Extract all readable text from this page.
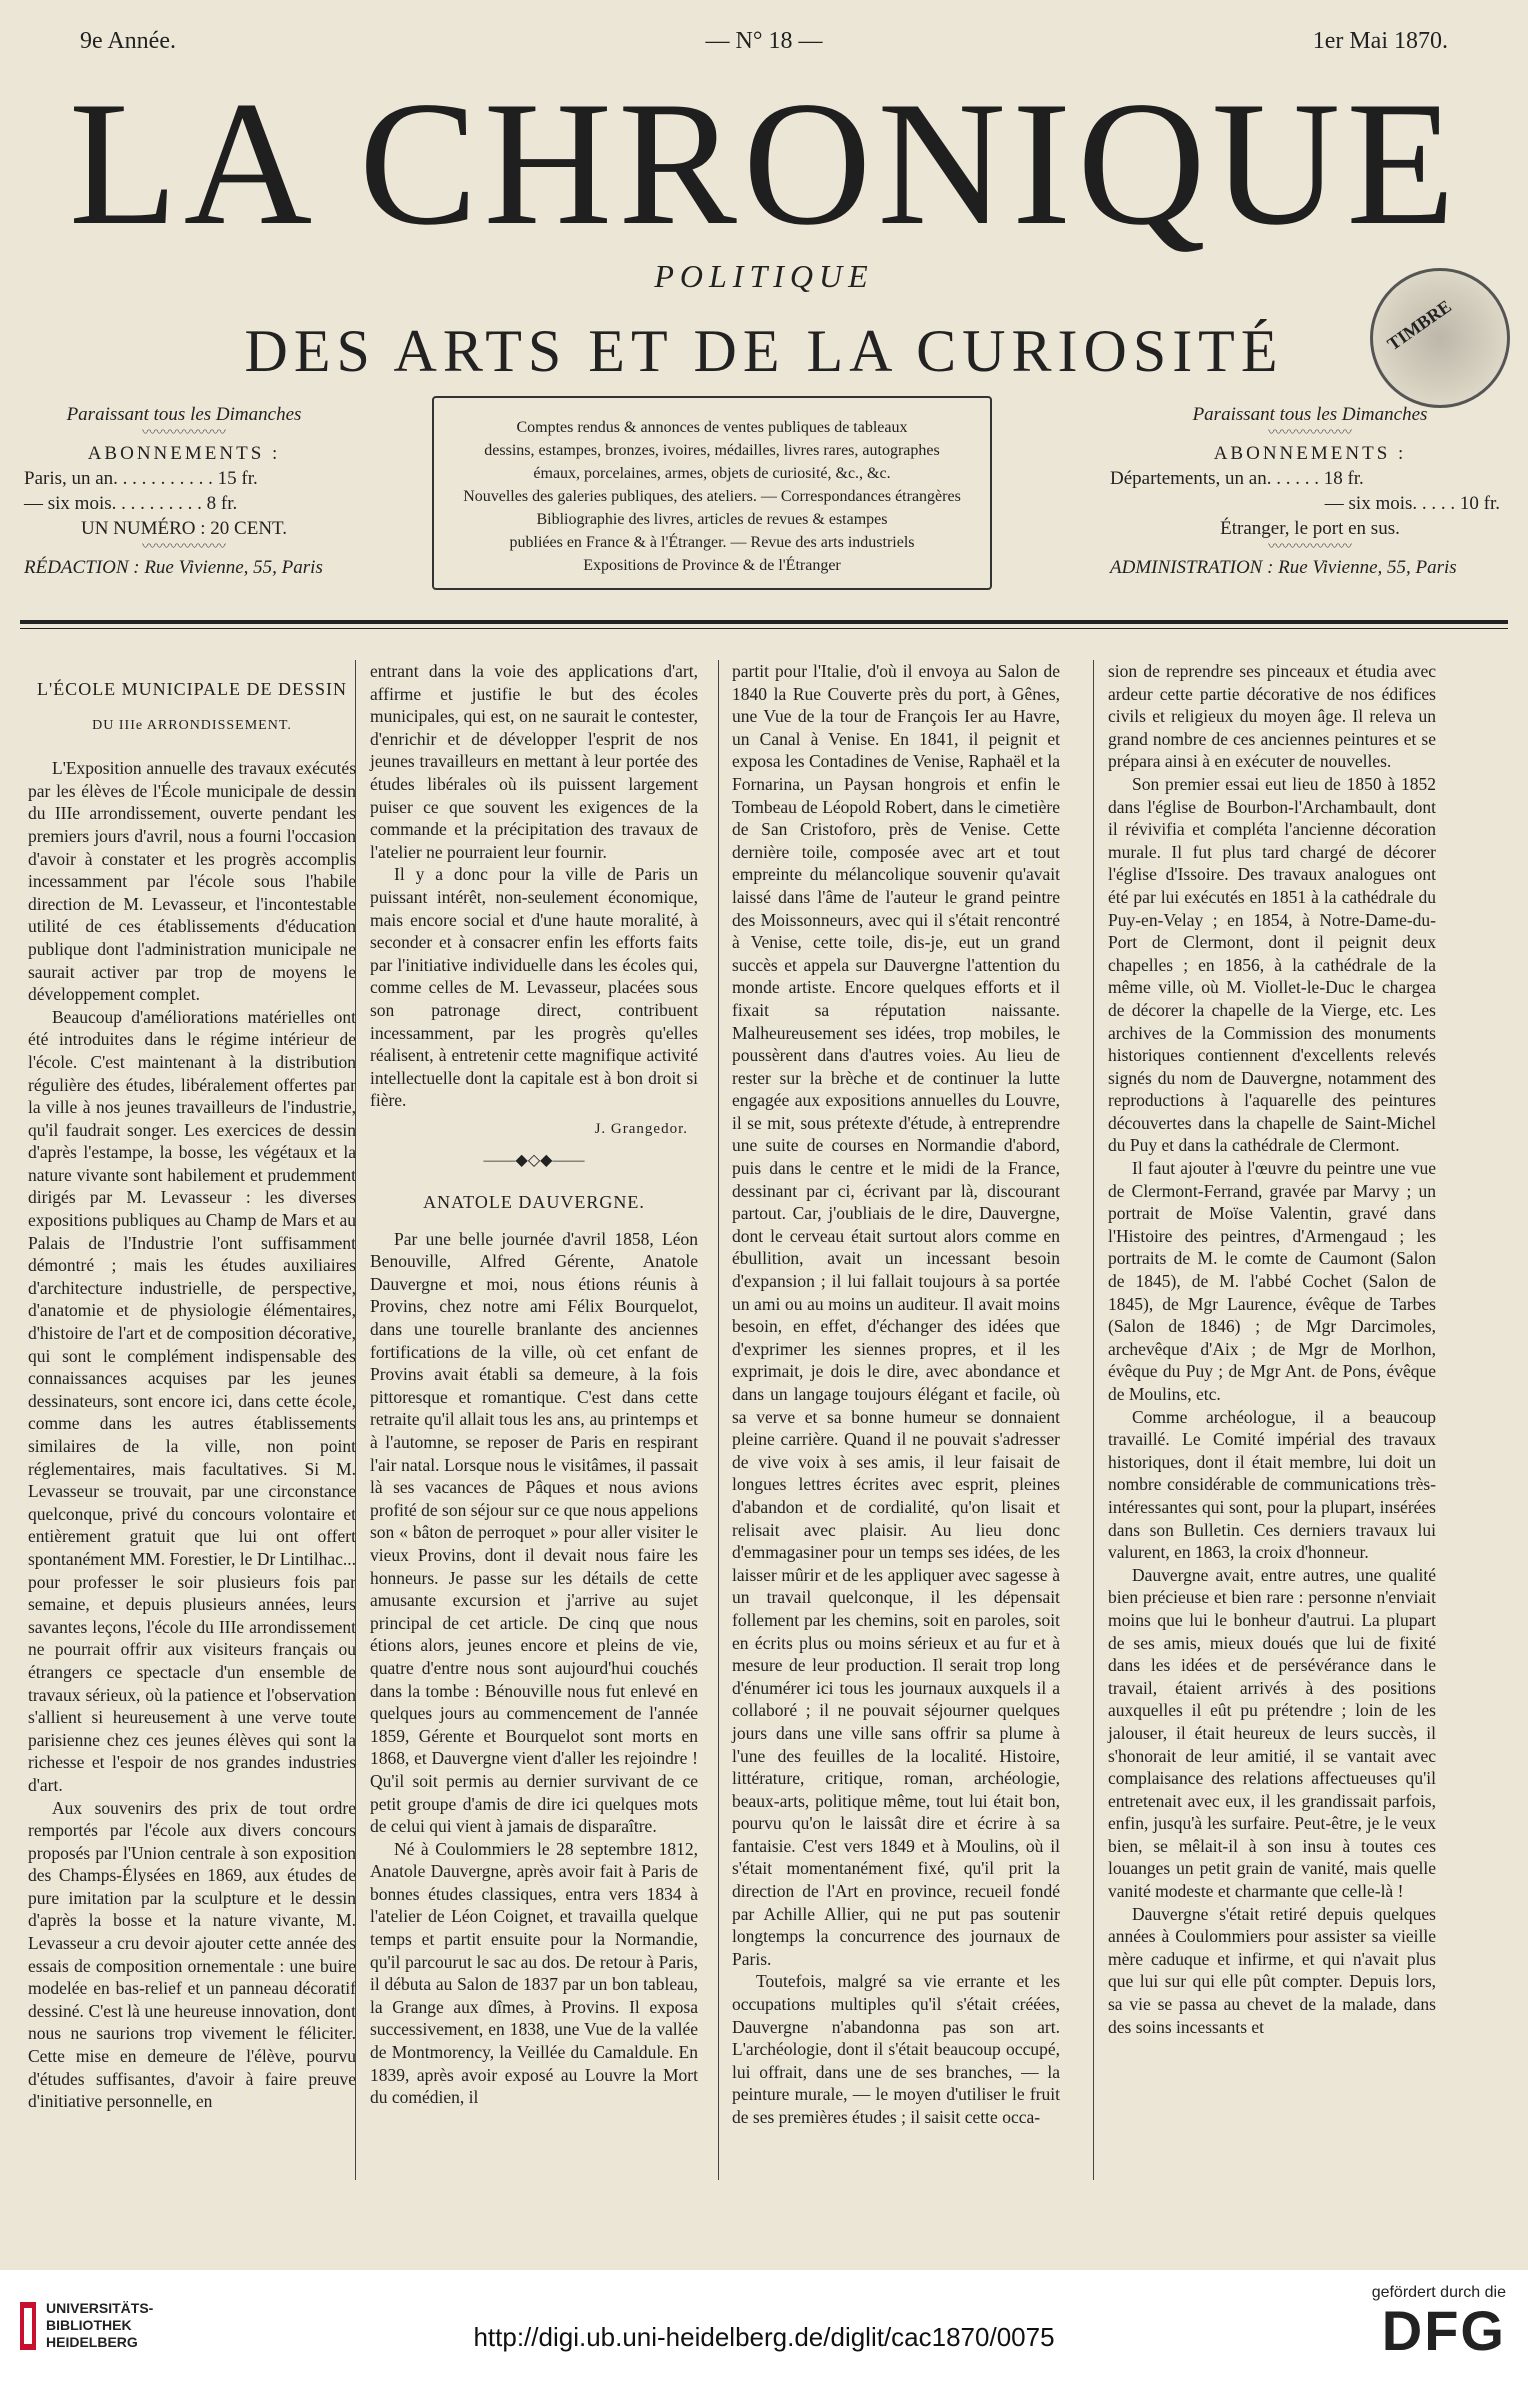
9e Année.	— N° 18 —	1er Mai 1870.
LA CHRONIQUE
POLITIQUE
DES ARTS ET DE LA CURIOSITÉ	TIMBRE
Paraissant tous les Dimanches
〰〰〰〰〰〰
ABONNEMENTS :
Paris, un an. . . . . . . . . . . 15 fr.
— six mois. . . . . . . . . . 8 fr.
UN NUMÉRO : 20 CENT.
〰〰〰〰〰〰
RÉDACTION : Rue Vivienne, 55, Paris
Comptes rendus & annonces de ventes publiques de tableaux
dessins, estampes, bronzes, ivoires, médailles, livres rares, autographes
émaux, porcelaines, armes, objets de curiosité, &c., &c.
Nouvelles des galeries publiques, des ateliers. — Correspondances étrangères
Bibliographie des livres, articles de revues & estampes
publiées en France & à l'Étranger. — Revue des arts industriels
Expositions de Province & de l'Étranger
Paraissant tous les Dimanches
〰〰〰〰〰〰
ABONNEMENTS :
Départements, un an. . . . . . 18 fr.
— six mois. . . . . 10 fr.
Étranger, le port en sus.
〰〰〰〰〰〰
ADMINISTRATION : Rue Vivienne, 55, Paris
L'ÉCOLE MUNICIPALE DE DESSIN
DU IIIe ARRONDISSEMENT.

L'Exposition annuelle des travaux exécutés par les élèves de l'École municipale de dessin du IIIe arrondissement, ouverte pendant les premiers jours d'avril, nous a fourni l'occasion d'avoir à constater et les progrès accomplis incessamment par l'école sous l'habile direction de M. Levasseur, et l'incontestable utilité de ces établissements d'éducation publique dont l'administration municipale ne saurait activer par trop de moyens le développement complet.

Beaucoup d'améliorations matérielles ont été introduites dans le régime intérieur de l'école. C'est maintenant à la distribution régulière des études, libéralement offertes par la ville à nos jeunes travailleurs de l'industrie, qu'il faudrait songer. Les exercices de dessin d'après l'estampe, la bosse, les végétaux et la nature vivante sont habilement et prudemment dirigés par M. Levasseur : les diverses expositions publiques au Champ de Mars et au Palais de l'Industrie l'ont suffisamment démontré ; mais les études auxiliaires d'architecture industrielle, de perspective, d'anatomie et de physiologie élémentaires, d'histoire de l'art et de composition décorative, qui sont le complément indispensable des connaissances acquises par les jeunes dessinateurs, sont encore ici, dans cette école, comme dans les autres établissements similaires de la ville, non point réglementaires, mais facultatives. Si M. Levasseur se trouvait, par une circonstance quelconque, privé du concours volontaire et entièrement gratuit que lui ont offert spontanément MM. Forestier, le Dr Lintilhac... pour professer le soir plusieurs fois par semaine, et depuis plusieurs années, leurs savantes leçons, l'école du IIIe arrondissement ne pourrait offrir aux visiteurs français ou étrangers ce spectacle d'un ensemble de travaux sérieux, où la patience et l'observation s'allient si heureusement à une verve toute parisienne chez ces jeunes élèves qui sont la richesse et l'espoir de nos grandes industries d'art.

Aux souvenirs des prix de tout ordre remportés par l'école aux divers concours proposés par l'Union centrale à son exposition des Champs-Élysées en 1869, aux études de pure imitation par la sculpture et le dessin d'après la bosse et la nature vivante, M. Levasseur a cru devoir ajouter cette année des essais de composition ornementale : une buire modelée en bas-relief et un panneau décoratif dessiné. C'est là une heureuse innovation, dont nous ne saurions trop vivement le féliciter. Cette mise en demeure de l'élève, pourvu d'études suffisantes, d'avoir à faire preuve d'initiative personnelle, en

entrant dans la voie des applications d'art, affirme et justifie le but des écoles municipales, qui est, on ne saurait le contester, d'enrichir et de développer l'esprit de nos jeunes travailleurs en mettant à leur portée des études libérales où ils puissent largement puiser ce que souvent les exigences de la commande et la précipitation des travaux de l'atelier ne pourraient leur fournir.

Il y a donc pour la ville de Paris un puissant intérêt, non-seulement économique, mais encore social et d'une haute moralité, à seconder et à consacrer enfin les efforts faits par l'initiative individuelle dans les écoles qui, comme celles de M. Levasseur, placées sous son patronage direct, contribuent incessamment, par les progrès qu'elles réalisent, à entretenir cette magnifique activité intellectuelle dont la capitale est à bon droit si fière.

J. Grangedor.

——◆◇◆——
ANATOLE DAUVERGNE.

Par une belle journée d'avril 1858, Léon Benouville, Alfred Gérente, Anatole Dauvergne et moi, nous étions réunis à Provins, chez notre ami Félix Bourquelot, dans une tourelle branlante des anciennes fortifications de la ville, où cet enfant de Provins avait établi sa demeure, à la fois pittoresque et romantique. C'est dans cette retraite qu'il allait tous les ans, au printemps et à l'automne, se reposer de Paris en respirant l'air natal. Lorsque nous le visitâmes, il passait là ses vacances de Pâques et nous avions profité de son séjour sur ce que nous appelions son « bâton de perroquet » pour aller visiter le vieux Provins, dont il devait nous faire les honneurs. Je passe sur les détails de cette amusante excursion et j'arrive au sujet principal de cet article. De cinq que nous étions alors, jeunes encore et pleins de vie, quatre d'entre nous sont aujourd'hui couchés dans la tombe : Bénouville nous fut enlevé en quelques jours au commencement de l'année 1859, Gérente et Bourquelot sont morts en 1868, et Dauvergne vient d'aller les rejoindre ! Qu'il soit permis au dernier survivant de ce petit groupe d'amis de dire ici quelques mots de celui qui vient à jamais de disparaître.

Né à Coulommiers le 28 septembre 1812, Anatole Dauvergne, après avoir fait à Paris de bonnes études classiques, entra vers 1834 à l'atelier de Léon Coignet, et travailla quelque temps et partit ensuite pour la Normandie, qu'il parcourut le sac au dos. De retour à Paris, il débuta au Salon de 1837 par un bon tableau, la Grange aux dîmes, à Provins. Il exposa successivement, en 1838, une Vue de la vallée de Montmorency, la Veillée du Camaldule. En 1839, après avoir exposé au Louvre la Mort du comédien, il

partit pour l'Italie, d'où il envoya au Salon de 1840 la Rue Couverte près du port, à Gênes, une Vue de la tour de François Ier au Havre, un Canal à Venise. En 1841, il peignit et exposa les Contadines de Venise, Raphaël et la Fornarina, un Paysan hongrois et enfin le Tombeau de Léopold Robert, dans le cimetière de San Cristoforo, près de Venise. Cette dernière toile, composée avec art et tout empreinte du mélancolique souvenir qu'avait laissé dans l'âme de l'auteur le grand peintre des Moissonneurs, avec qui il s'était rencontré à Venise, cette toile, dis-je, eut un grand succès et appela sur Dauvergne l'attention du monde artiste. Encore quelques efforts et il fixait sa réputation naissante. Malheureusement ses idées, trop mobiles, le poussèrent dans d'autres voies. Au lieu de rester sur la brèche et de continuer la lutte engagée aux expositions annuelles du Louvre, il se mit, sous prétexte d'étude, à entreprendre une suite de courses en Normandie d'abord, puis dans le centre et le midi de la France, dessinant par ci, écrivant par là, discourant partout. Car, j'oubliais de le dire, Dauvergne, dont le cerveau était surtout alors comme en ébullition, avait un incessant besoin d'expansion ; il lui fallait toujours à sa portée un ami ou au moins un auditeur. Il avait moins besoin, en effet, d'échanger des idées que d'exprimer les siennes propres, et il les exprimait, je dois le dire, avec abondance et dans un langage toujours élégant et facile, où sa verve et sa bonne humeur se donnaient pleine carrière. Quand il ne pouvait s'adresser de vive voix à ses amis, il leur faisait de longues lettres écrites avec esprit, pleines d'abandon et de cordialité, qu'on lisait et relisait avec plaisir. Au lieu donc d'emmagasiner pour un temps ses idées, de les laisser mûrir et de les appliquer avec sagesse à un travail quelconque, il les dépensait follement par les chemins, soit en paroles, soit en écrits plus ou moins sérieux et au fur et à mesure de leur production. Il serait trop long d'énumérer ici tous les journaux auxquels il a collaboré ; il ne pouvait séjourner quelques jours dans une ville sans offrir sa plume à l'une des feuilles de la localité. Histoire, littérature, critique, roman, archéologie, beaux-arts, politique même, tout lui était bon, pourvu qu'on le laissât dire et écrire à sa fantaisie. C'est vers 1849 et à Moulins, où il s'était momentanément fixé, qu'il prit la direction de l'Art en province, recueil fondé par Achille Allier, qui ne put pas soutenir longtemps la concurrence des journaux de Paris.

Toutefois, malgré sa vie errante et les occupations multiples qu'il s'était créées, Dauvergne n'abandonna pas son art. L'archéologie, dont il s'était beaucoup occupé, lui offrait, dans une de ses branches, — la peinture murale, — le moyen d'utiliser le fruit de ses premières études ; il saisit cette occa-

sion de reprendre ses pinceaux et étudia avec ardeur cette partie décorative de nos édifices civils et religieux du moyen âge. Il releva un grand nombre de ces anciennes peintures et se prépara ainsi à en exécuter de nouvelles.

Son premier essai eut lieu de 1850 à 1852 dans l'église de Bourbon-l'Archambault, dont il révivifia et compléta l'ancienne décoration murale. Il fut plus tard chargé de décorer l'église d'Issoire. Des travaux analogues ont été par lui exécutés en 1851 à la cathédrale du Puy-en-Velay ; en 1854, à Notre-Dame-du-Port de Clermont, dont il peignit deux chapelles ; en 1856, à la cathédrale de la même ville, où M. Viollet-le-Duc le chargea de décorer la chapelle de la Vierge, etc. Les archives de la Commission des monuments historiques contiennent d'excellents relevés signés du nom de Dauvergne, notamment des reproductions à l'aquarelle des peintures découvertes dans la chapelle de Saint-Michel du Puy et dans la cathédrale de Clermont.

Il faut ajouter à l'œuvre du peintre une vue de Clermont-Ferrand, gravée par Marvy ; un portrait de Moïse Valentin, gravé dans l'Histoire des peintres, d'Armengaud ; les portraits de M. le comte de Caumont (Salon de 1845), de M. l'abbé Cochet (Salon de 1845), de Mgr Laurence, évêque de Tarbes (Salon de 1846) ; de Mgr Darcimoles, archevêque d'Aix ; de Mgr de Morlhon, évêque du Puy ; de Mgr Ant. de Pons, évêque de Moulins, etc.

Comme archéologue, il a beaucoup travaillé. Le Comité impérial des travaux historiques, dont il était membre, lui doit un nombre considérable de communications très-intéressantes qui sont, pour la plupart, insérées dans son Bulletin. Ces derniers travaux lui valurent, en 1863, la croix d'honneur.

Dauvergne avait, entre autres, une qualité bien précieuse et bien rare : personne n'enviait moins que lui le bonheur d'autrui. La plupart de ses amis, mieux doués que lui de fixité dans les idées et de persévérance dans le travail, étaient arrivés à des positions auxquelles il eût pu prétendre ; loin de les jalouser, il était heureux de leurs succès, il s'honorait de leur amitié, il se vantait avec complaisance des relations affectueuses qu'il entretenait avec eux, il les grandissait parfois, enfin, jusqu'à les surfaire. Peut-être, je le veux bien, se mêlait-il à son insu à toutes ces louanges un petit grain de vanité, mais quelle vanité modeste et charmante que celle-là !

Dauvergne s'était retiré depuis quelques années à Coulommiers pour assister sa vieille mère caduque et infirme, et qui n'avait plus que lui sur qui elle pût compter. Depuis lors, sa vie se passa au chevet de la malade, dans des soins incessants et

UNIVERSITÄTS-
BIBLIOTHEK
HEIDELBERG	http://digi.ub.uni-heidelberg.de/diglit/cac1870/0075
gefördert durch die
DFG
